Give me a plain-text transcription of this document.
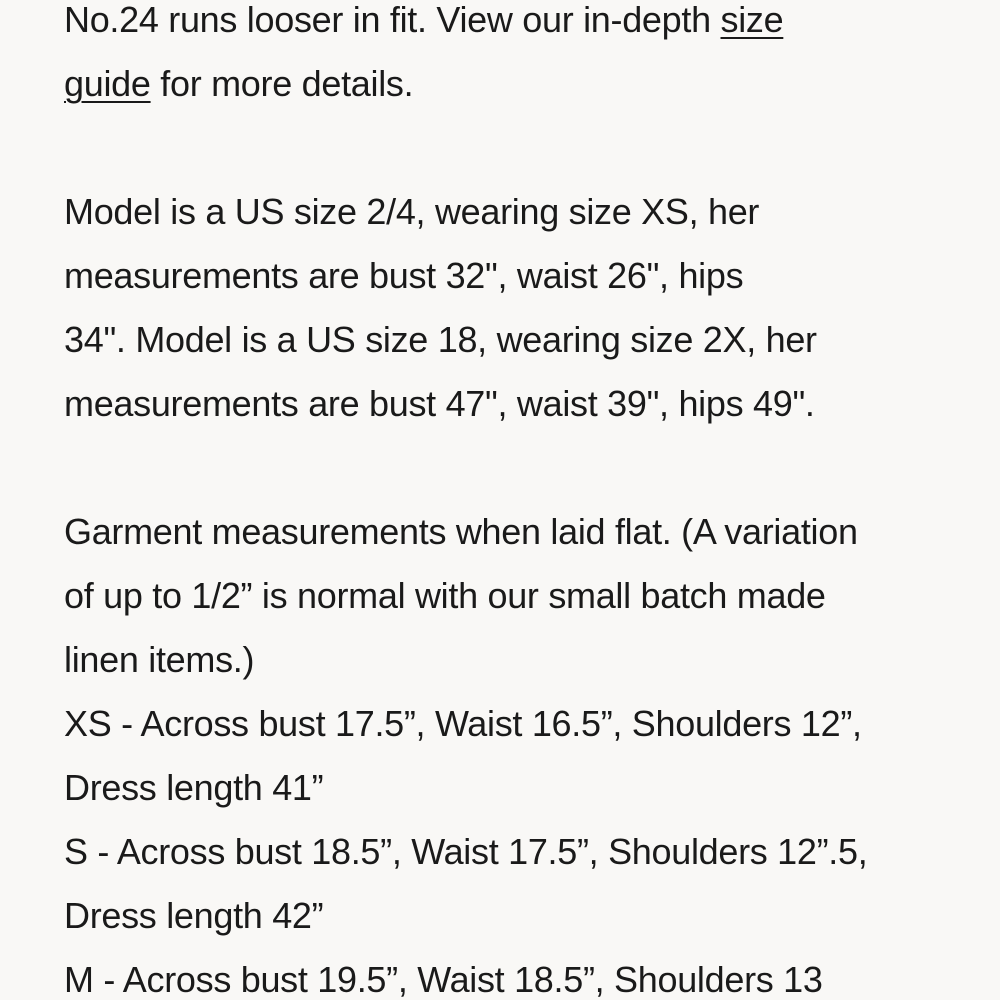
No.24 runs looser in fit. View our in-depth size
guide for more details.
Model is a US size 2/4, wearing size XS, her
measurements are bust 32", waist 26", hips
34". Model is a US size 18, wearing size 2X, her
measurements are bust 47", waist 39", hips 49".
Garment measurements when laid flat. (A variation
of up to 1/2” is normal with our small batch made
linen items.)
XS - Across bust 17.5”, Waist 16.5”, Shoulders 12”,
Dress length 41”
S - Across bust 18.5”, Waist 17.5”, Shoulders 12”.5,
Dress length 42”
M - Across bust 19.5”, Waist 18.5”, Shoulders 13
